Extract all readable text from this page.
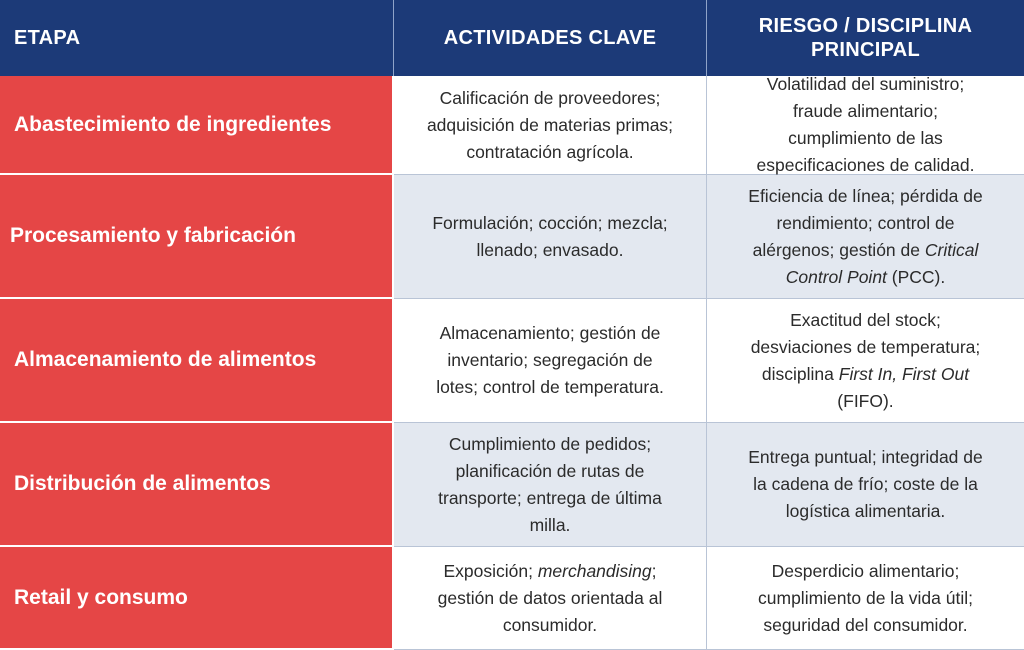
ETAPA	ACTIVIDADES CLAVE
RIESGO / DISCIPLINA
PRINCIPAL
Abastecimiento de ingredientes
Calificación de proveedores;
adquisición de materias primas;
contratación agrícola.
Volatilidad del suministro;
fraude alimentario;
cumplimiento de las
especificaciones de calidad.
Procesamiento y fabricación
Formulación; cocción; mezcla;
llenado; envasado.
Eficiencia de línea; pérdida de
rendimiento; control de
alérgenos; gestión de Critical
Control Point (PCC).
Almacenamiento de alimentos
Almacenamiento; gestión de
inventario; segregación de
lotes; control de temperatura.
Exactitud del stock;
desviaciones de temperatura;
disciplina First In, First Out
(FIFO).
Distribución de alimentos
Cumplimiento de pedidos;
planificación de rutas de
transporte; entrega de última
milla.
Entrega puntual; integridad de
la cadena de frío; coste de la
logística alimentaria.
Retail y consumo
Exposición; merchandising;
gestión de datos orientada al
consumidor.
Desperdicio alimentario;
cumplimiento de la vida útil;
seguridad del consumidor.
